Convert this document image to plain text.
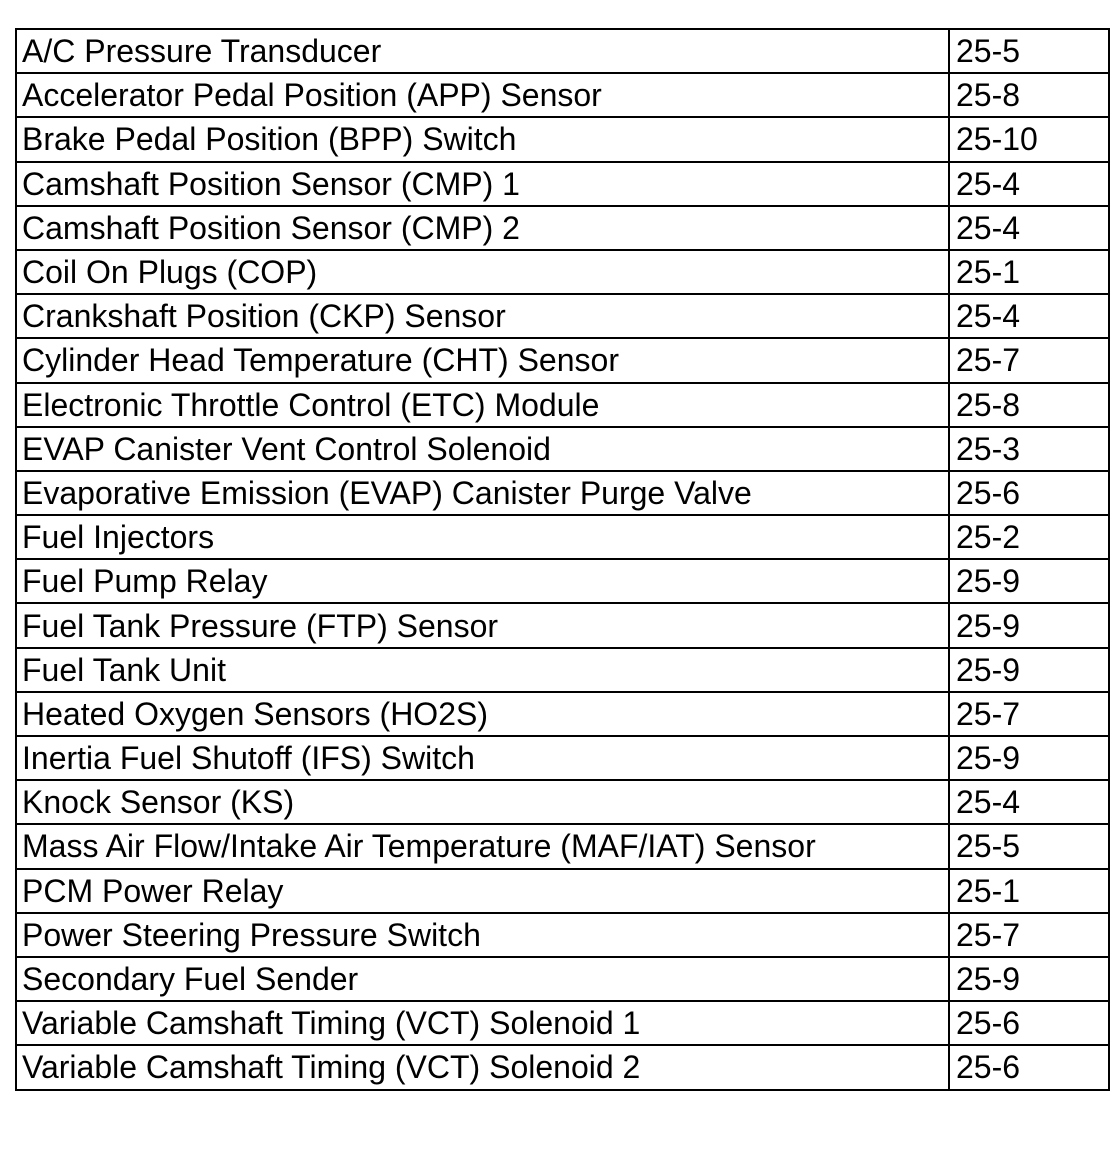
A/C Pressure Transducer	25-5
Accelerator Pedal Position (APP) Sensor	25-8
Brake Pedal Position (BPP) Switch	25-10
Camshaft Position Sensor (CMP) 1	25-4
Camshaft Position Sensor (CMP) 2	25-4
Coil On Plugs (COP)	25-1
Crankshaft Position (CKP) Sensor	25-4
Cylinder Head Temperature (CHT) Sensor	25-7
Electronic Throttle Control (ETC) Module	25-8
EVAP Canister Vent Control Solenoid	25-3
Evaporative Emission (EVAP) Canister Purge Valve	25-6
Fuel Injectors	25-2
Fuel Pump Relay	25-9
Fuel Tank Pressure (FTP) Sensor	25-9
Fuel Tank Unit	25-9
Heated Oxygen Sensors (HO2S)	25-7
Inertia Fuel Shutoff (IFS) Switch	25-9
Knock Sensor (KS)	25-4
Mass Air Flow/Intake Air Temperature (MAF/IAT) Sensor	25-5
PCM Power Relay	25-1
Power Steering Pressure Switch	25-7
Secondary Fuel Sender	25-9
Variable Camshaft Timing (VCT) Solenoid 1	25-6
Variable Camshaft Timing (VCT) Solenoid 2	25-6
